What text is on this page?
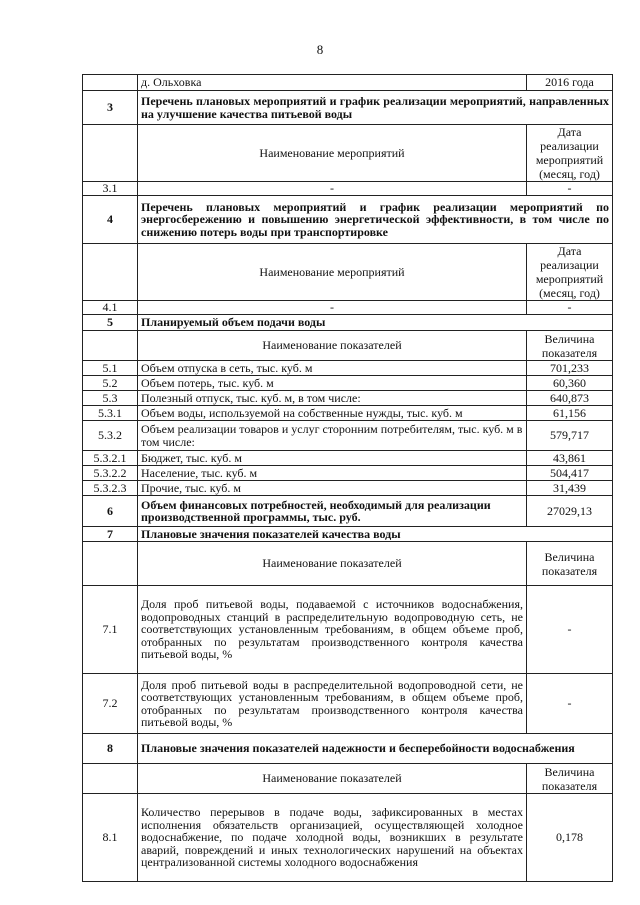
8
	д. Ольховка	2016 года
3	Перечень плановых мероприятий и график реализации мероприятий, направленных на улучшение качества питьевой воды	
	Наименование мероприятий	Дата реализации мероприятий (месяц, год)
3.1	-	-
4	Перечень плановых мероприятий и график реализации мероприятий по энергосбережению и повышению энергетической эффективности, в том числе по снижению потерь воды при транспортировке	
	Наименование мероприятий	Дата реализации мероприятий (месяц, год)
4.1	-	-
5	Планируемый объем подачи воды	
	Наименование показателей	Величина показателя
5.1	Объем отпуска в сеть, тыс. куб. м	701,233
5.2	Объем потерь, тыс. куб. м	60,360
5.3	Полезный отпуск, тыс. куб. м, в том числе:	640,873
5.3.1	Объем воды, используемой на собственные нужды, тыс. куб. м	61,156
5.3.2	Объем реализации товаров и услуг сторонним потребителям, тыс. куб. м в том числе:	579,717
5.3.2.1	Бюджет, тыс. куб. м	43,861
5.3.2.2	Население, тыс. куб. м	504,417
5.3.2.3	Прочие, тыс. куб. м	31,439
6	Объем финансовых потребностей, необходимый для реализации производственной программы, тыс. руб.	27029,13
7	Плановые значения показателей качества воды	
	Наименование показателей	Величина показателя
7.1	Доля проб питьевой воды, подаваемой с источников водоснабжения, водопроводных станций в распределительную водопроводную сеть, не соответствующих установленным требованиям, в общем объеме проб, отобранных по результатам производственного контроля качества питьевой воды, %	-
7.2	Доля проб питьевой воды в распределительной водопроводной сети, не соответствующих установленным требованиям, в общем объеме проб, отобранных по результатам производственного контроля качества питьевой воды, %	-
8	Плановые значения показателей надежности и бесперебойности водоснабжения	
	Наименование показателей	Величина показателя
8.1	Количество перерывов в подаче воды, зафиксированных в местах исполнения обязательств организацией, осуществляющей холодное водоснабжение, по подаче холодной воды, возникших в результате аварий, повреждений и иных технологических нарушений на объектах централизованной системы холодного водоснабжения	0,178
